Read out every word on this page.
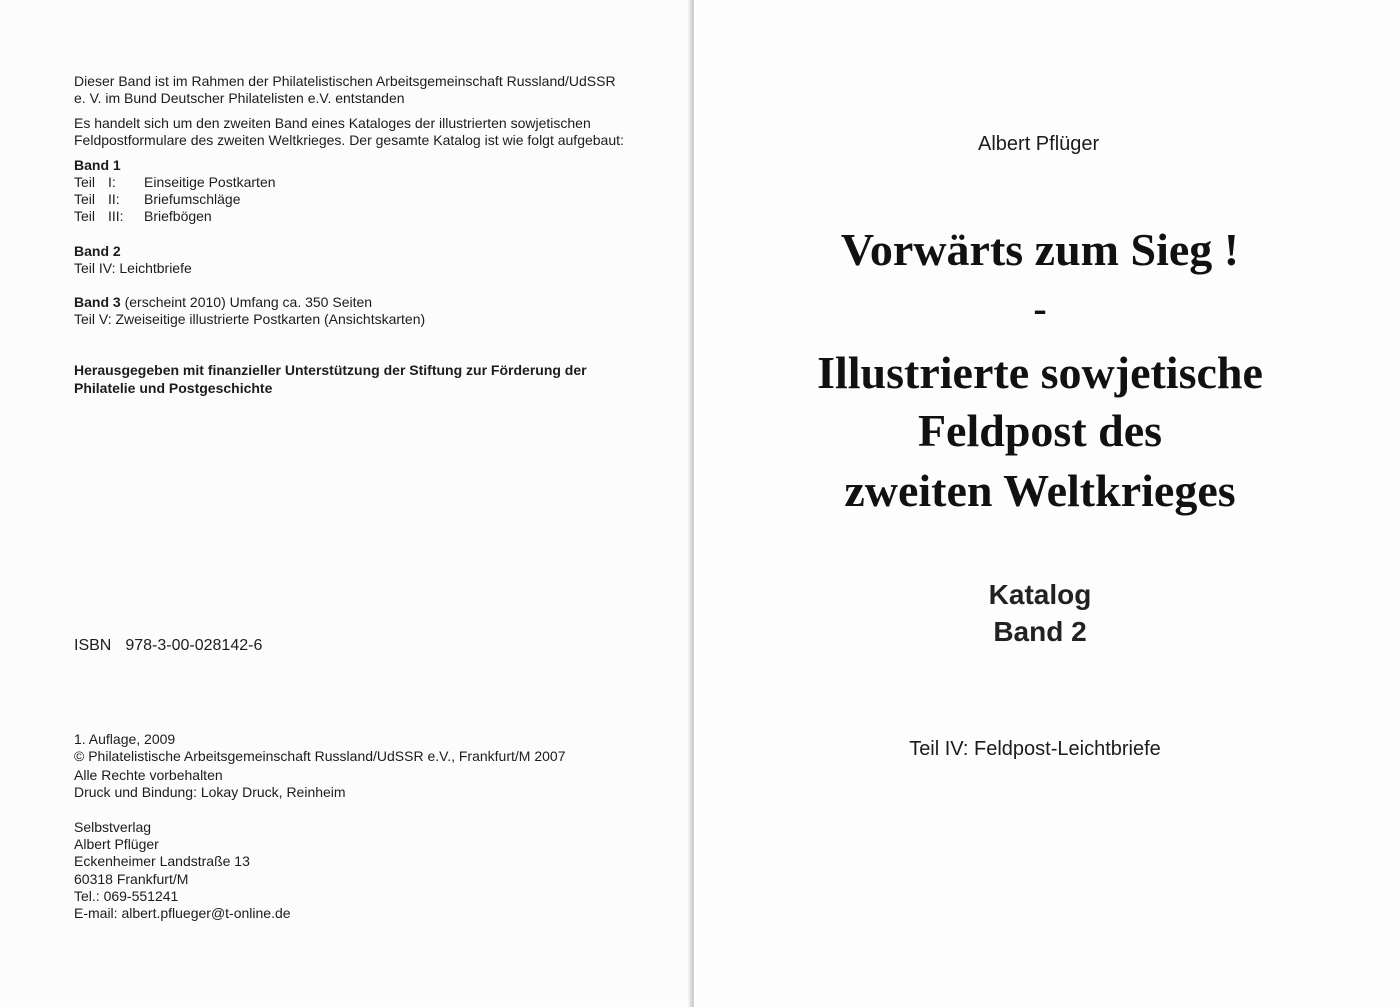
Dieser Band ist im Rahmen der Philatelistischen Arbeitsgemeinschaft Russland/UdSSR
e. V. im Bund Deutscher Philatelisten e.V. entstanden
Es handelt sich um den zweiten Band eines Kataloges der illustrierten sowjetischen
Feldpostformulare des zweiten Weltkrieges. Der gesamte Katalog ist wie folgt aufgebaut:
Band 1
Teil I: Einseitige Postkarten
Teil II: Briefumschläge
Teil III: Briefbögen
Band 2
Teil IV: Leichtbriefe
Band 3 (erscheint 2010) Umfang ca. 350 Seiten
Teil V: Zweiseitige illustrierte Postkarten (Ansichtskarten)
Herausgegeben mit finanzieller Unterstützung der Stiftung zur Förderung der
Philatelie und Postgeschichte
ISBN 978-3-00-028142-6
1. Auflage, 2009
© Philatelistische Arbeitsgemeinschaft Russland/UdSSR e.V., Frankfurt/M 2007
Alle Rechte vorbehalten
Druck und Bindung: Lokay Druck, Reinheim
Selbstverlag
Albert Pflüger
Eckenheimer Landstraße 13
60318 Frankfurt/M
Tel.: 069-551241
E-mail: albert.pflueger@t-online.de
Albert Pflüger
Vorwärts zum Sieg !
-
Illustrierte sowjetische
Feldpost des
zweiten Weltkrieges
Katalog
Band 2
Teil IV: Feldpost-Leichtbriefe
